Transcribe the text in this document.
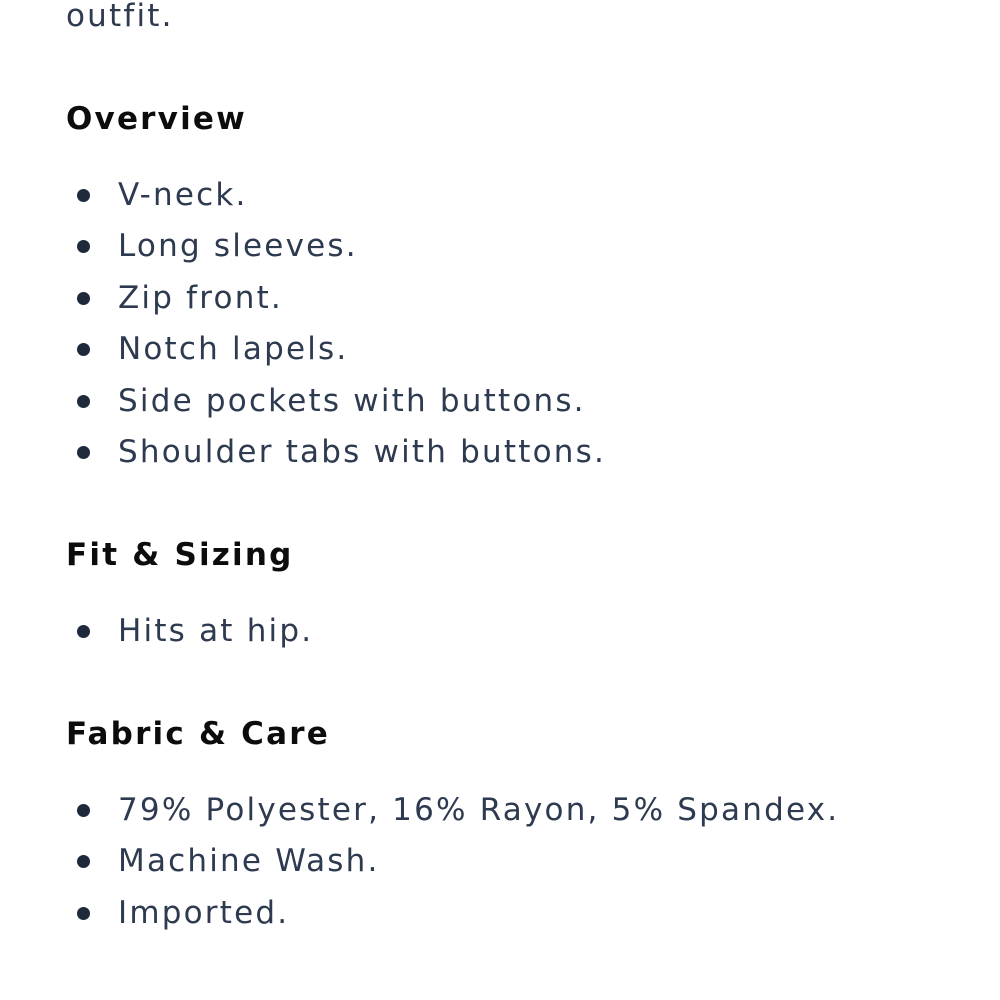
outfit.

Overview
V-neck.
Long sleeves.
Zip front.
Notch lapels.
Side pockets with buttons.
Shoulder tabs with buttons.
Fit & Sizing
Hits at hip.
Fabric & Care
79% Polyester, 16% Rayon, 5% Spandex.
Machine Wash.
Imported.
